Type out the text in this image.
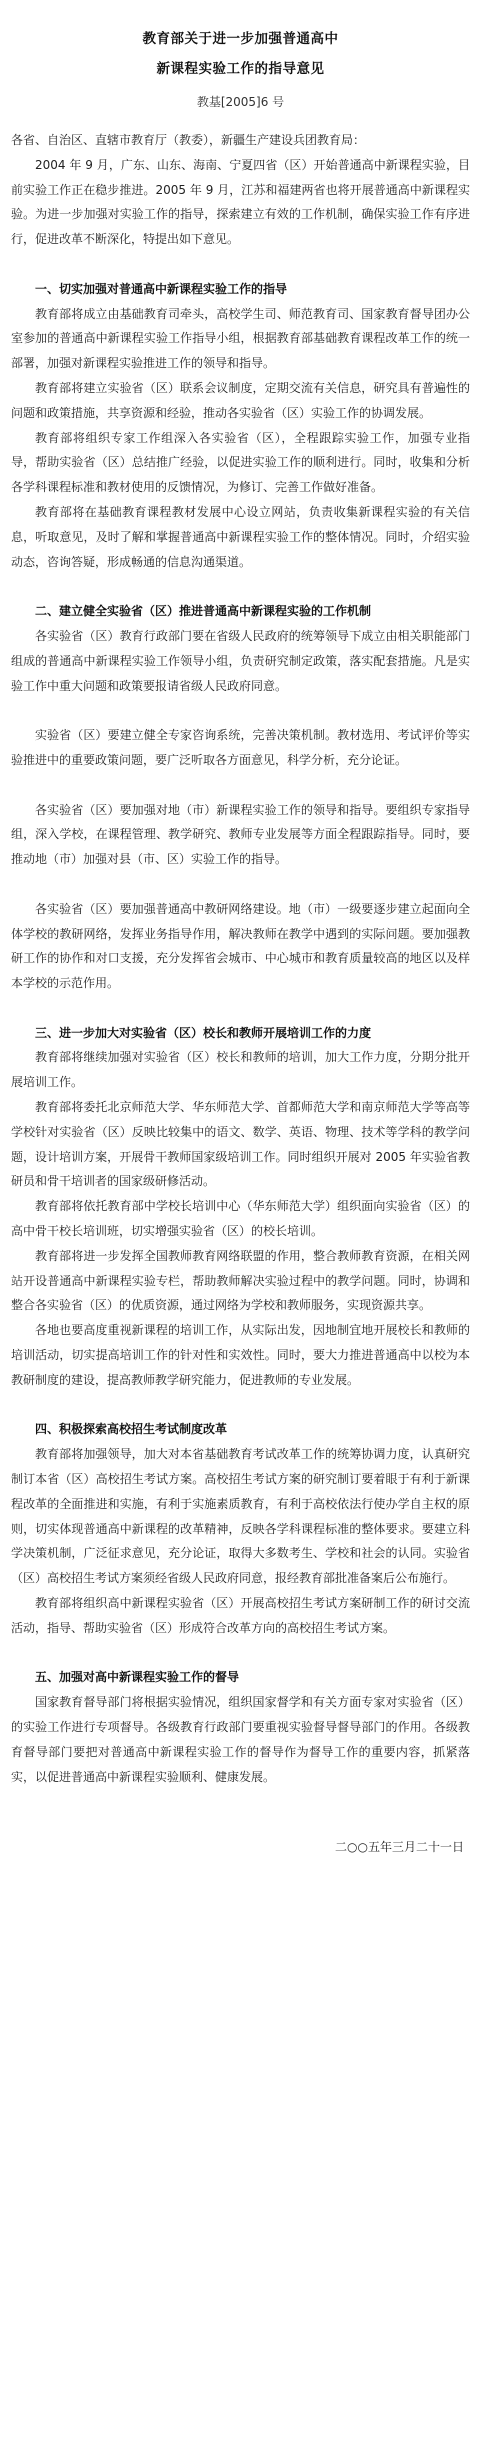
教育部关于进一步加强普通高中
新课程实验工作的指导意见

教基[2005]6 号

各省、自治区、直辖市教育厅（教委），新疆生产建设兵团教育局：

2004 年 9 月，广东、山东、海南、宁夏四省（区）开始普通高中新课程实验，目前实验工作正在稳步推进。2005 年 9 月，江苏和福建两省也将开展普通高中新课程实验。为进一步加强对实验工作的指导，探索建立有效的工作机制，确保实验工作有序进行，促进改革不断深化，特提出如下意见。

一、切实加强对普通高中新课程实验工作的指导

教育部将成立由基础教育司牵头，高校学生司、师范教育司、国家教育督导团办公室参加的普通高中新课程实验工作指导小组，根据教育部基础教育课程改革工作的统一部署，加强对新课程实验推进工作的领导和指导。

教育部将建立实验省（区）联系会议制度，定期交流有关信息，研究具有普遍性的问题和政策措施，共享资源和经验，推动各实验省（区）实验工作的协调发展。

教育部将组织专家工作组深入各实验省（区），全程跟踪实验工作，加强专业指导，帮助实验省（区）总结推广经验，以促进实验工作的顺利进行。同时，收集和分析各学科课程标准和教材使用的反馈情况，为修订、完善工作做好准备。

教育部将在基础教育课程教材发展中心设立网站，负责收集新课程实验的有关信息，听取意见，及时了解和掌握普通高中新课程实验工作的整体情况。同时，介绍实验动态，咨询答疑，形成畅通的信息沟通渠道。

二、建立健全实验省（区）推进普通高中新课程实验的工作机制

各实验省（区）教育行政部门要在省级人民政府的统筹领导下成立由相关职能部门组成的普通高中新课程实验工作领导小组，负责研究制定政策，落实配套措施。凡是实验工作中重大问题和政策要报请省级人民政府同意。

实验省（区）要建立健全专家咨询系统，完善决策机制。教材选用、考试评价等实验推进中的重要政策问题，要广泛听取各方面意见，科学分析，充分论证。

各实验省（区）要加强对地（市）新课程实验工作的领导和指导。要组织专家指导组，深入学校，在课程管理、教学研究、教师专业发展等方面全程跟踪指导。同时，要推动地（市）加强对县（市、区）实验工作的指导。

各实验省（区）要加强普通高中教研网络建设。地（市）一级要逐步建立起面向全体学校的教研网络，发挥业务指导作用，解决教师在教学中遇到的实际问题。要加强教研工作的协作和对口支援，充分发挥省会城市、中心城市和教育质量较高的地区以及样本学校的示范作用。

三、进一步加大对实验省（区）校长和教师开展培训工作的力度

教育部将继续加强对实验省（区）校长和教师的培训，加大工作力度，分期分批开展培训工作。

教育部将委托北京师范大学、华东师范大学、首都师范大学和南京师范大学等高等学校针对实验省（区）反映比较集中的语文、数学、英语、物理、技术等学科的教学问题，设计培训方案，开展骨干教师国家级培训工作。同时组织开展对 2005 年实验省教研员和骨干培训者的国家级研修活动。

教育部将依托教育部中学校长培训中心（华东师范大学）组织面向实验省（区）的高中骨干校长培训班，切实增强实验省（区）的校长培训。

教育部将进一步发挥全国教师教育网络联盟的作用，整合教师教育资源，在相关网站开设普通高中新课程实验专栏，帮助教师解决实验过程中的教学问题。同时，协调和整合各实验省（区）的优质资源，通过网络为学校和教师服务，实现资源共享。

各地也要高度重视新课程的培训工作，从实际出发，因地制宜地开展校长和教师的培训活动，切实提高培训工作的针对性和实效性。同时，要大力推进普通高中以校为本教研制度的建设，提高教师教学研究能力，促进教师的专业发展。

四、积极探索高校招生考试制度改革

教育部将加强领导，加大对本省基础教育考试改革工作的统筹协调力度，认真研究制订本省（区）高校招生考试方案。高校招生考试方案的研究制订要着眼于有利于新课程改革的全面推进和实施，有利于实施素质教育，有利于高校依法行使办学自主权的原则，切实体现普通高中新课程的改革精神，反映各学科课程标准的整体要求。要建立科学决策机制，广泛征求意见，充分论证，取得大多数考生、学校和社会的认同。实验省（区）高校招生考试方案须经省级人民政府同意，报经教育部批准备案后公布施行。

教育部将组织高中新课程实验省（区）开展高校招生考试方案研制工作的研讨交流活动，指导、帮助实验省（区）形成符合改革方向的高校招生考试方案。

五、加强对高中新课程实验工作的督导

国家教育督导部门将根据实验情况，组织国家督学和有关方面专家对实验省（区）的实验工作进行专项督导。各级教育行政部门要重视实验督导督导部门的作用。各级教育督导部门要把对普通高中新课程实验工作的督导作为督导工作的重要内容，抓紧落实，以促进普通高中新课程实验顺利、健康发展。

二○○五年三月二十一日
